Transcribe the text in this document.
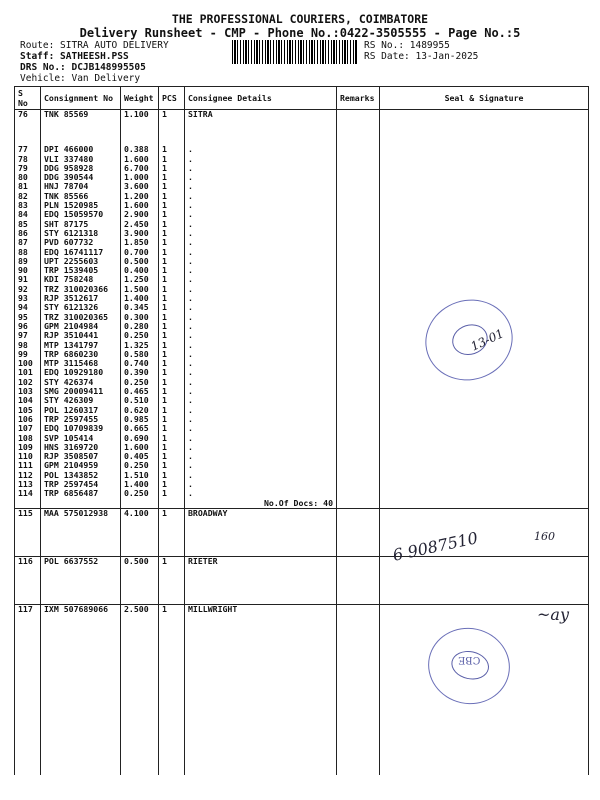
THE PROFESSIONAL COURIERS, COIMBATORE
Delivery Runsheet - CMP - Phone No.:0422-3505555 - Page No.:5
Route: SITRA AUTO DELIVERY
Staff: SATHEESH.PSS
DRS No.: DCJB148995505
Vehicle: Van Delivery
RS No.: 1489955
RS Date: 13-Jan-2025
S No	Consignment No	Weight	PCS	Consignee Details	Remarks	Seal & Signature
76	TNK 85569	1.100	1	SITRA		

77	DPI 466000	0.388	1	.		
78	VLI 337480	1.600	1	.		
79	DDG 958928	6.700	1	.		
80	DDG 390544	1.000	1	.		
81	HNJ 78704	3.600	1	.		
82	TNK 85566	1.200	1	.		
83	PLN 1520985	1.600	1	.		
84	EDQ 15059570	2.900	1	.		
85	SHT 87175	2.450	1	.		
86	STY 6121318	3.900	1	.		
87	PVD 607732	1.850	1	.		
88	EDQ 16741117	0.700	1	.		
89	UPT 2255603	0.500	1	.		
90	TRP 1539405	0.400	1	.		
91	KDI 758248	1.250	1	.		
92	TRZ 310020366	1.500	1	.		
93	RJP 3512617	1.400	1	.		
94	STY 6121326	0.345	1	.		
95	TRZ 310020365	0.300	1	.		
96	GPM 2104984	0.280	1	.		
97	RJP 3510441	0.250	1	.		
98	MTP 1341797	1.325	1	.		
99	TRP 6860230	0.580	1	.		
100	MTP 3115468	0.740	1	.		
101	EDQ 10929180	0.390	1	.		
102	STY 426374	0.250	1	.		
103	SMG 20009411	0.465	1	.		
104	STY 426309	0.510	1	.		
105	POL 1260317	0.620	1	.		
106	TRP 2597455	0.985	1	.		
107	EDQ 10709839	0.665	1	.		
108	SVP 105414	0.690	1	.		
109	HNS 3169720	1.600	1	.		
110	RJP 3508507	0.405	1	.		
111	GPM 2104959	0.250	1	.		
112	POL 1343852	1.510	1	.		
113	TRP 2597454	1.400	1	.		
114	TRP 6856487	0.250	1	.		
				No.Of Docs: 40		
115	MAA 575012938	4.100	1	BROADWAY		

116	POL 6637552	0.500	1	RIETER		

117	IXM 507689066	2.500	1	MILLWRIGHT		

13-01
6 9087510	160
~ay
CBE
